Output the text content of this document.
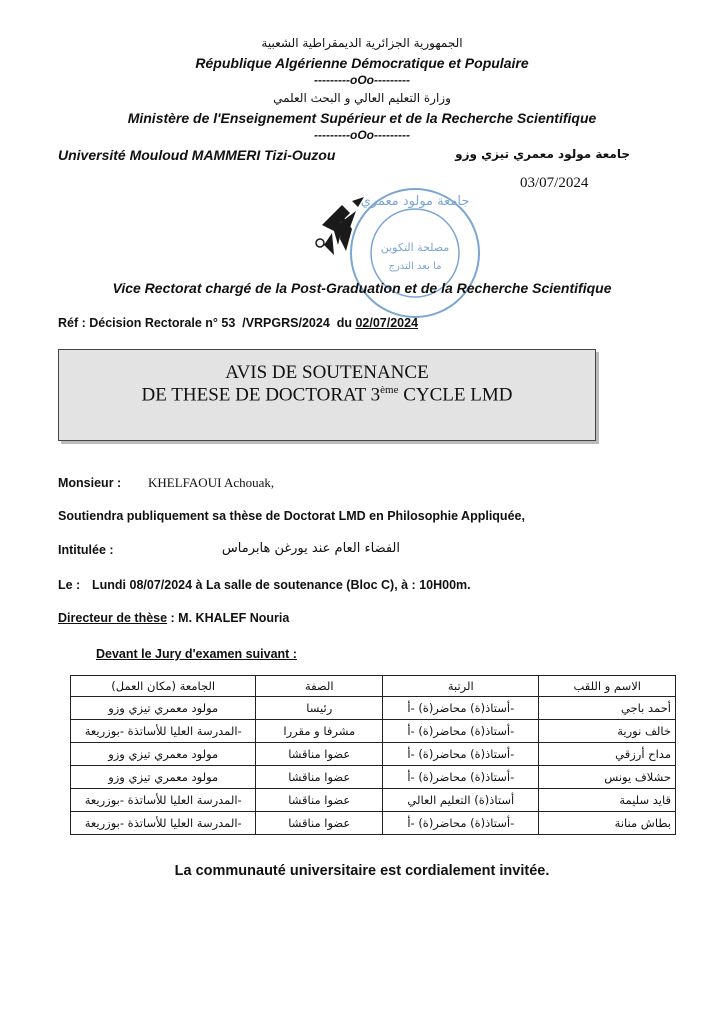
الجمهورية الجزائرية الديمقراطية الشعبية
République Algérienne Démocratique et Populaire
---------oOo---------
وزارة التعليم العالي و البحث العلمي
Ministère de l'Enseignement Supérieur et de la Recherche Scientifique
---------oOo---------
Université Mouloud MAMMERI Tizi-Ouzou	جامعة مولود معمري تيزي وزو
03/07/2024
جامعة مولود معمري
مصلحة التكوين
ما بعد التدرج
Vice Rectorat chargé de la Post-Graduation et de la Recherche Scientifique
Réf : Décision Rectorale n° 53  /VRPGRS/2024  du 02/07/2024
AVIS DE SOUTENANCE
DE THESE DE DOCTORAT 3ème CYCLE LMD
Monsieur : KHELFAOUI Achouak,
Soutiendra publiquement sa thèse de Doctorat LMD en Philosophie Appliquée,
Intitulée :	الفضاء العام عند يورغن هابرماس
Le : Lundi 08/07/2024 à La salle de soutenance (Bloc C), à : 10H00m.
Directeur de thèse : M. KHALEF Nouria
Devant le Jury d'examen suivant :
الجامعة (مكان العمل)	الصفة	الرتبة	الاسم و اللقب
مولود معمري تيزي وزو	رئيسا	أستاذ(ة) محاضر(ة) -أ-	أحمد باجي
المدرسة العليا للأساتذة -بوزريعة-	مشرفا و مقررا	أستاذ(ة) محاضر(ة) -أ-	خالف نورية
مولود معمري تيزي وزو	عضوا مناقشا	أستاذ(ة) محاضر(ة) -أ-	مداح أرزقي
مولود معمري تيزي وزو	عضوا مناقشا	أستاذ(ة) محاضر(ة) -أ-	حشلاف يونس
المدرسة العليا للأساتذة -بوزريعة-	عضوا مناقشا	أستاذ(ة) التعليم العالي	قايد سليمة
المدرسة العليا للأساتذة -بوزريعة-	عضوا مناقشا	أستاذ(ة) محاضر(ة) -أ-	بطاش منانة
La communauté universitaire est cordialement invitée.
